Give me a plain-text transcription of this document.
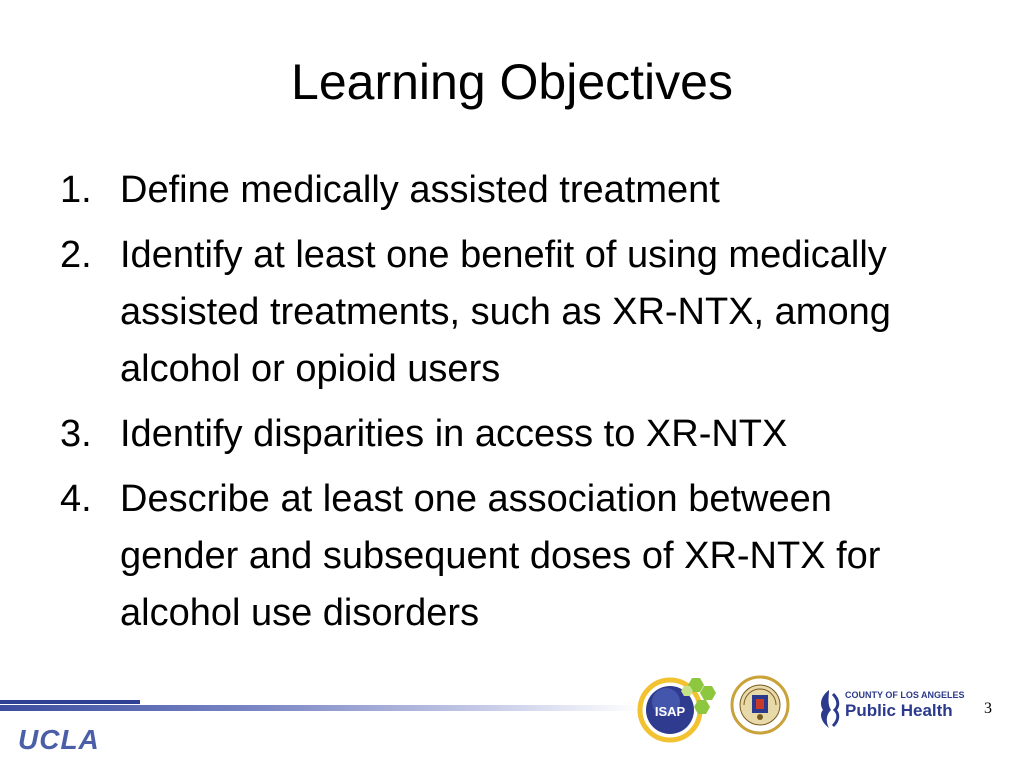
Learning Objectives
1. Define medically assisted treatment
2. Identify at least one benefit of using medically assisted treatments, such as XR-NTX, among alcohol or opioid users
3. Identify disparities in access to XR-NTX
4. Describe at least one association between gender and subsequent doses of XR-NTX for alcohol use disorders
UCLA
ISAP
COUNTY OF LOS ANGELES
Public Health 3
